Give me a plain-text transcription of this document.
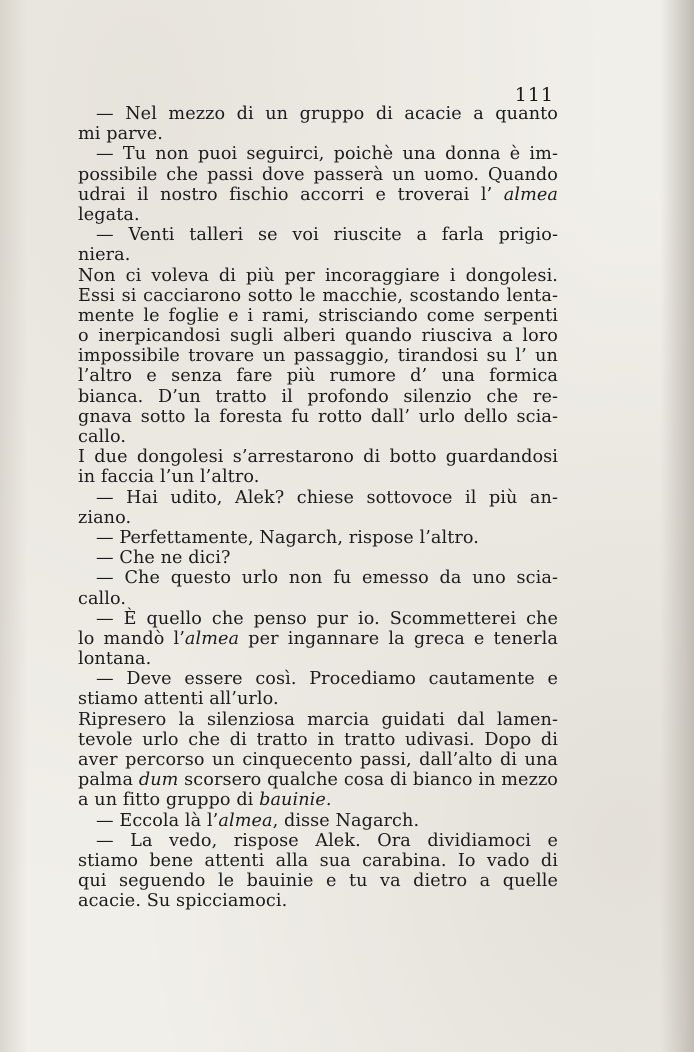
111
— Nel mezzo di un gruppo di acacie a quanto
mi parve.
— Tu non puoi seguirci, poichè una donna è im-
possibile che passi dove passerà un uomo. Quando
udrai il nostro fischio accorri e troverai l’ almea
legata.
— Venti talleri se voi riuscite a farla prigio-
niera.
Non ci voleva di più per incoraggiare i dongolesi.
Essi si cacciarono sotto le macchie, scostando lenta-
mente le foglie e i rami, strisciando come serpenti
o inerpicandosi sugli alberi quando riusciva a loro
impossibile trovare un passaggio, tirandosi su l’ un
l’altro e senza fare più rumore d’ una formica
bianca. D’un tratto il profondo silenzio che re-
gnava sotto la foresta fu rotto dall’ urlo dello scia-
callo.
I due dongolesi s’arrestarono di botto guardandosi
in faccia l’un l’altro.
— Hai udito, Alek? chiese sottovoce il più an-
ziano.
— Perfettamente, Nagarch, rispose l’altro.
— Che ne dici?
— Che questo urlo non fu emesso da uno scia-
callo.
— È quello che penso pur io. Scommetterei che
lo mandò l’almea per ingannare la greca e tenerla
lontana.
— Deve essere così. Procediamo cautamente e
stiamo attenti all’urlo.
Ripresero la silenziosa marcia guidati dal lamen-
tevole urlo che di tratto in tratto udivasi. Dopo di
aver percorso un cinquecento passi, dall’alto di una
palma dum scorsero qualche cosa di bianco in mezzo
a un fitto gruppo di bauinie.
— Eccola là l’almea, disse Nagarch.
— La vedo, rispose Alek. Ora dividiamoci e
stiamo bene attenti alla sua carabina. Io vado di
qui seguendo le bauinie e tu va dietro a quelle
acacie. Su spicciamoci.
